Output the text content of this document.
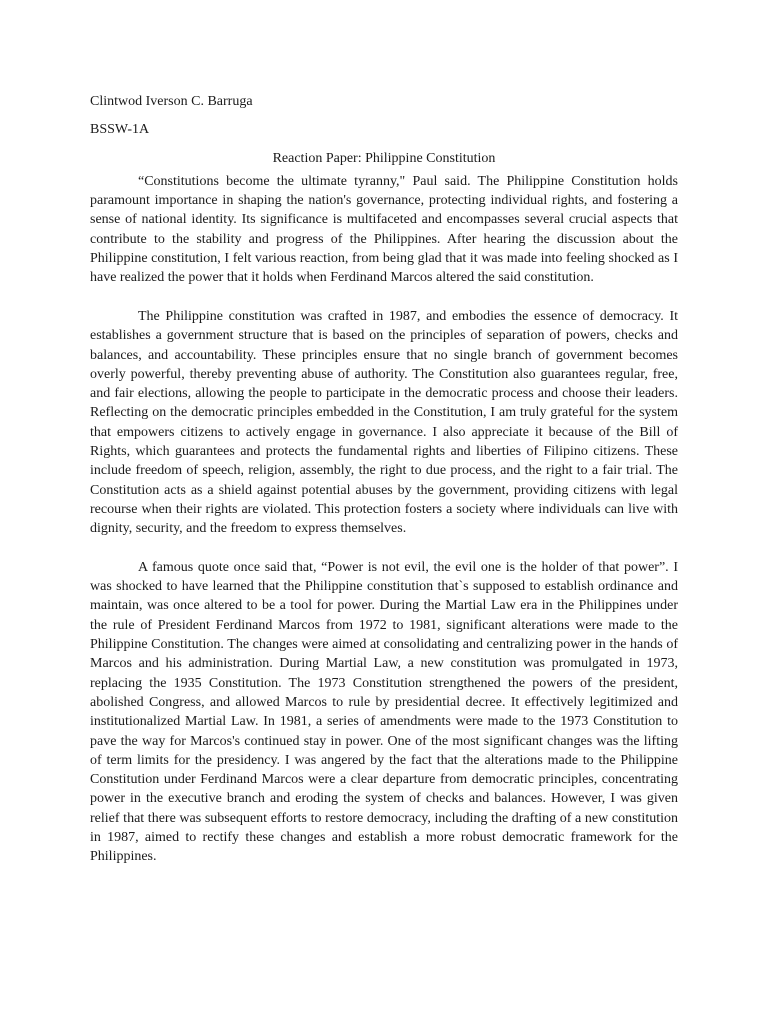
Clintwod Iverson C. Barruga

BSSW-1A

Reaction Paper: Philippine Constitution

“Constitutions become the ultimate tyranny," Paul said. The Philippine Constitution holds paramount importance in shaping the nation's governance, protecting individual rights, and fostering a sense of national identity. Its significance is multifaceted and encompasses several crucial aspects that contribute to the stability and progress of the Philippines. After hearing the discussion about the Philippine constitution, I felt various reaction, from being glad that it was made into feeling shocked as I have realized the power that it holds when Ferdinand Marcos altered the said constitution.

The Philippine constitution was crafted in 1987, and embodies the essence of democracy. It establishes a government structure that is based on the principles of separation of powers, checks and balances, and accountability. These principles ensure that no single branch of government becomes overly powerful, thereby preventing abuse of authority. The Constitution also guarantees regular, free, and fair elections, allowing the people to participate in the democratic process and choose their leaders. Reflecting on the democratic principles embedded in the Constitution, I am truly grateful for the system that empowers citizens to actively engage in governance. I also appreciate it because of the Bill of Rights, which guarantees and protects the fundamental rights and liberties of Filipino citizens. These include freedom of speech, religion, assembly, the right to due process, and the right to a fair trial. The Constitution acts as a shield against potential abuses by the government, providing citizens with legal recourse when their rights are violated. This protection fosters a society where individuals can live with dignity, security, and the freedom to express themselves.

A famous quote once said that, “Power is not evil, the evil one is the holder of that power”. I was shocked to have learned that the Philippine constitution that`s supposed to establish ordinance and maintain, was once altered to be a tool for power. During the Martial Law era in the Philippines under the rule of President Ferdinand Marcos from 1972 to 1981, significant alterations were made to the Philippine Constitution. The changes were aimed at consolidating and centralizing power in the hands of Marcos and his administration. During Martial Law, a new constitution was promulgated in 1973, replacing the 1935 Constitution. The 1973 Constitution strengthened the powers of the president, abolished Congress, and allowed Marcos to rule by presidential decree. It effectively legitimized and institutionalized Martial Law. In 1981, a series of amendments were made to the 1973 Constitution to pave the way for Marcos's continued stay in power. One of the most significant changes was the lifting of term limits for the presidency. I was angered by the fact that the alterations made to the Philippine Constitution under Ferdinand Marcos were a clear departure from democratic principles, concentrating power in the executive branch and eroding the system of checks and balances. However, I was given relief that there was subsequent efforts to restore democracy, including the drafting of a new constitution in 1987, aimed to rectify these changes and establish a more robust democratic framework for the Philippines.
